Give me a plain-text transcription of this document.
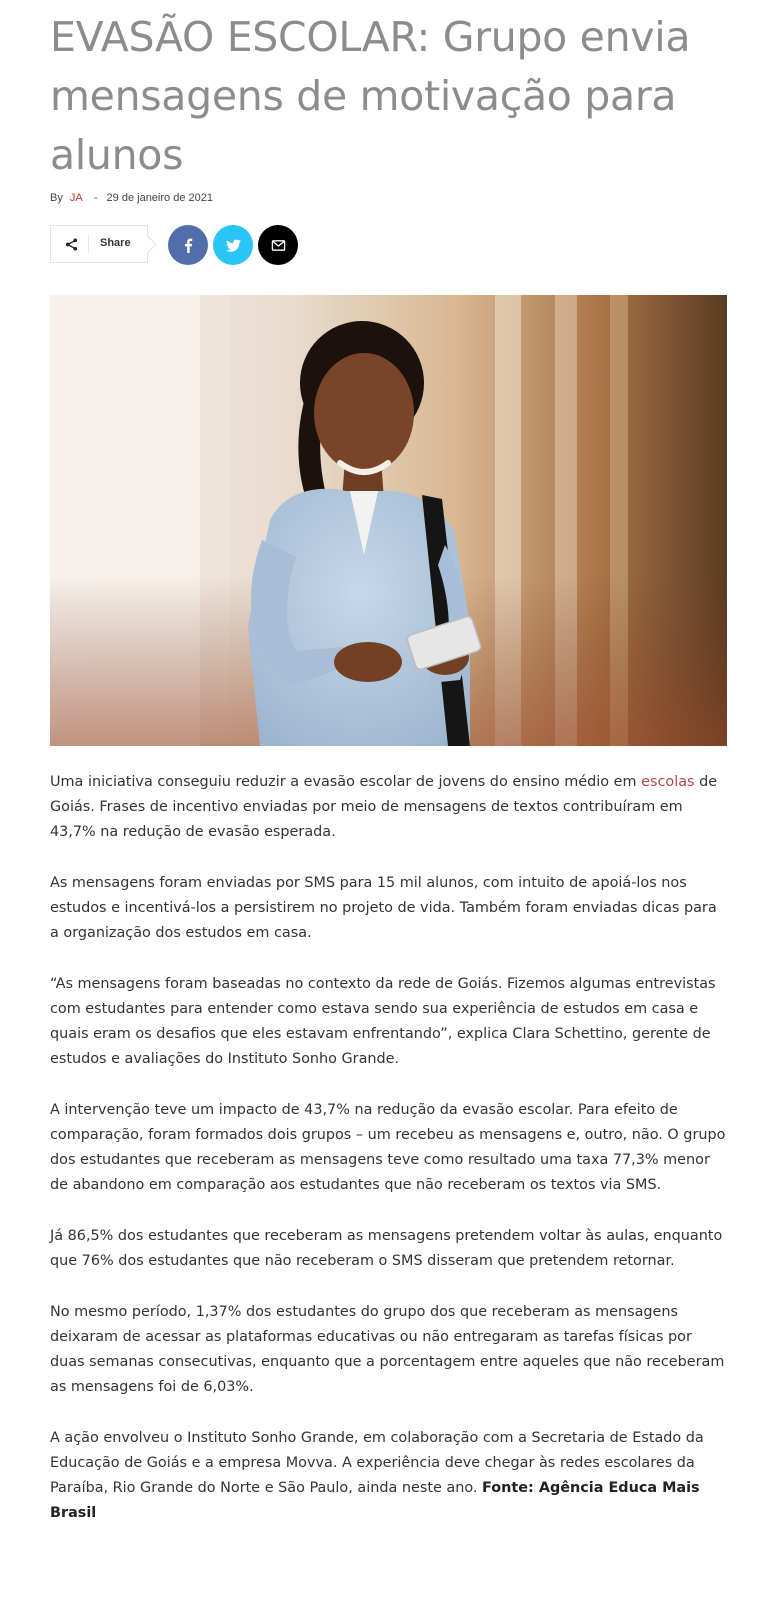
EVASÃO ESCOLAR: Grupo envia mensagens de motivação para alunos
By JA - 29 de janeiro de 2021
Share

Uma iniciativa conseguiu reduzir a evasão escolar de jovens do ensino médio em escolas de Goiás. Frases de incentivo enviadas por meio de mensagens de textos contribuíram em 43,7% na redução de evasão esperada.

As mensagens foram enviadas por SMS para 15 mil alunos, com intuito de apoiá-los nos estudos e incentivá-los a persistirem no projeto de vida. Também foram enviadas dicas para a organização dos estudos em casa.

“As mensagens foram baseadas no contexto da rede de Goiás. Fizemos algumas entrevistas com estudantes para entender como estava sendo sua experiência de estudos em casa e quais eram os desafios que eles estavam enfrentando”, explica Clara Schettino, gerente de estudos e avaliações do Instituto Sonho Grande.

A intervenção teve um impacto de 43,7% na redução da evasão escolar. Para efeito de comparação, foram formados dois grupos – um recebeu as mensagens e, outro, não. O grupo dos estudantes que receberam as mensagens teve como resultado uma taxa 77,3% menor de abandono em comparação aos estudantes que não receberam os textos via SMS.

Já 86,5% dos estudantes que receberam as mensagens pretendem voltar às aulas, enquanto que 76% dos estudantes que não receberam o SMS disseram que pretendem retornar.

No mesmo período, 1,37% dos estudantes do grupo dos que receberam as mensagens deixaram de acessar as plataformas educativas ou não entregaram as tarefas físicas por duas semanas consecutivas, enquanto que a porcentagem entre aqueles que não receberam as mensagens foi de 6,03%.

A ação envolveu o Instituto Sonho Grande, em colaboração com a Secretaria de Estado da Educação de Goiás e a empresa Movva. A experiência deve chegar às redes escolares da Paraíba, Rio Grande do Norte e São Paulo, ainda neste ano. Fonte: Agência Educa Mais Brasil
